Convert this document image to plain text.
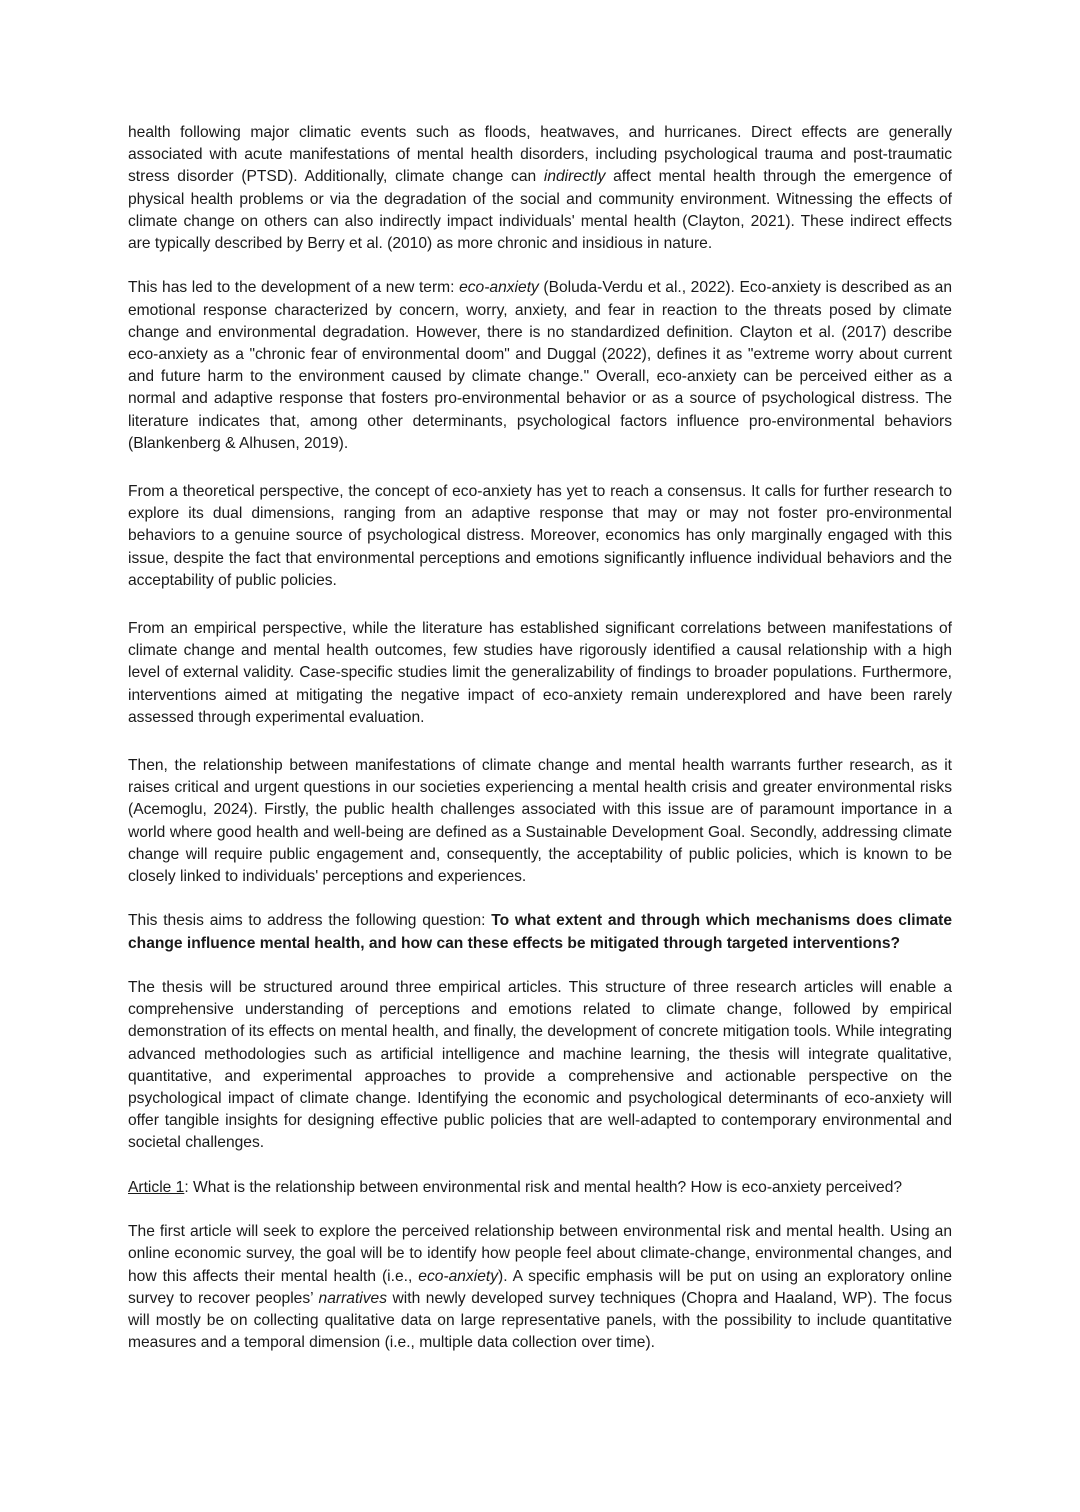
health following major climatic events such as floods, heatwaves, and hurricanes. Direct effects are generally associated with acute manifestations of mental health disorders, including psychological trauma and post-traumatic stress disorder (PTSD). Additionally, climate change can indirectly affect mental health through the emergence of physical health problems or via the degradation of the social and community environment. Witnessing the effects of climate change on others can also indirectly impact individuals' mental health (Clayton, 2021). These indirect effects are typically described by Berry et al. (2010) as more chronic and insidious in nature.

This has led to the development of a new term: eco-anxiety (Boluda-Verdu et al., 2022). Eco-anxiety is described as an emotional response characterized by concern, worry, anxiety, and fear in reaction to the threats posed by climate change and environmental degradation. However, there is no standardized definition. Clayton et al. (2017) describe eco-anxiety as a "chronic fear of environmental doom" and Duggal (2022), defines it as "extreme worry about current and future harm to the environment caused by climate change." Overall, eco-anxiety can be perceived either as a normal and adaptive response that fosters pro-environmental behavior or as a source of psychological distress. The literature indicates that, among other determinants, psychological factors influence pro-environmental behaviors (Blankenberg & Alhusen, 2019).

From a theoretical perspective, the concept of eco-anxiety has yet to reach a consensus. It calls for further research to explore its dual dimensions, ranging from an adaptive response that may or may not foster pro-environmental behaviors to a genuine source of psychological distress. Moreover, economics has only marginally engaged with this issue, despite the fact that environmental perceptions and emotions significantly influence individual behaviors and the acceptability of public policies.

From an empirical perspective, while the literature has established significant correlations between manifestations of climate change and mental health outcomes, few studies have rigorously identified a causal relationship with a high level of external validity. Case-specific studies limit the generalizability of findings to broader populations. Furthermore, interventions aimed at mitigating the negative impact of eco-anxiety remain underexplored and have been rarely assessed through experimental evaluation.

Then, the relationship between manifestations of climate change and mental health warrants further research, as it raises critical and urgent questions in our societies experiencing a mental health crisis and greater environmental risks (Acemoglu, 2024). Firstly, the public health challenges associated with this issue are of paramount importance in a world where good health and well-being are defined as a Sustainable Development Goal. Secondly, addressing climate change will require public engagement and, consequently, the acceptability of public policies, which is known to be closely linked to individuals' perceptions and experiences.

This thesis aims to address the following question: To what extent and through which mechanisms does climate change influence mental health, and how can these effects be mitigated through targeted interventions?

The thesis will be structured around three empirical articles. This structure of three research articles will enable a comprehensive understanding of perceptions and emotions related to climate change, followed by empirical demonstration of its effects on mental health, and finally, the development of concrete mitigation tools. While integrating advanced methodologies such as artificial intelligence and machine learning, the thesis will integrate qualitative, quantitative, and experimental approaches to provide a comprehensive and actionable perspective on the psychological impact of climate change. Identifying the economic and psychological determinants of eco-anxiety will offer tangible insights for designing effective public policies that are well-adapted to contemporary environmental and societal challenges.

Article 1: What is the relationship between environmental risk and mental health? How is eco-anxiety perceived?

The first article will seek to explore the perceived relationship between environmental risk and mental health. Using an online economic survey, the goal will be to identify how people feel about climate-change, environmental changes, and how this affects their mental health (i.e., eco-anxiety). A specific emphasis will be put on using an exploratory online survey to recover peoples’ narratives with newly developed survey techniques (Chopra and Haaland, WP). The focus will mostly be on collecting qualitative data on large representative panels, with the possibility to include quantitative measures and a temporal dimension (i.e., multiple data collection over time).
